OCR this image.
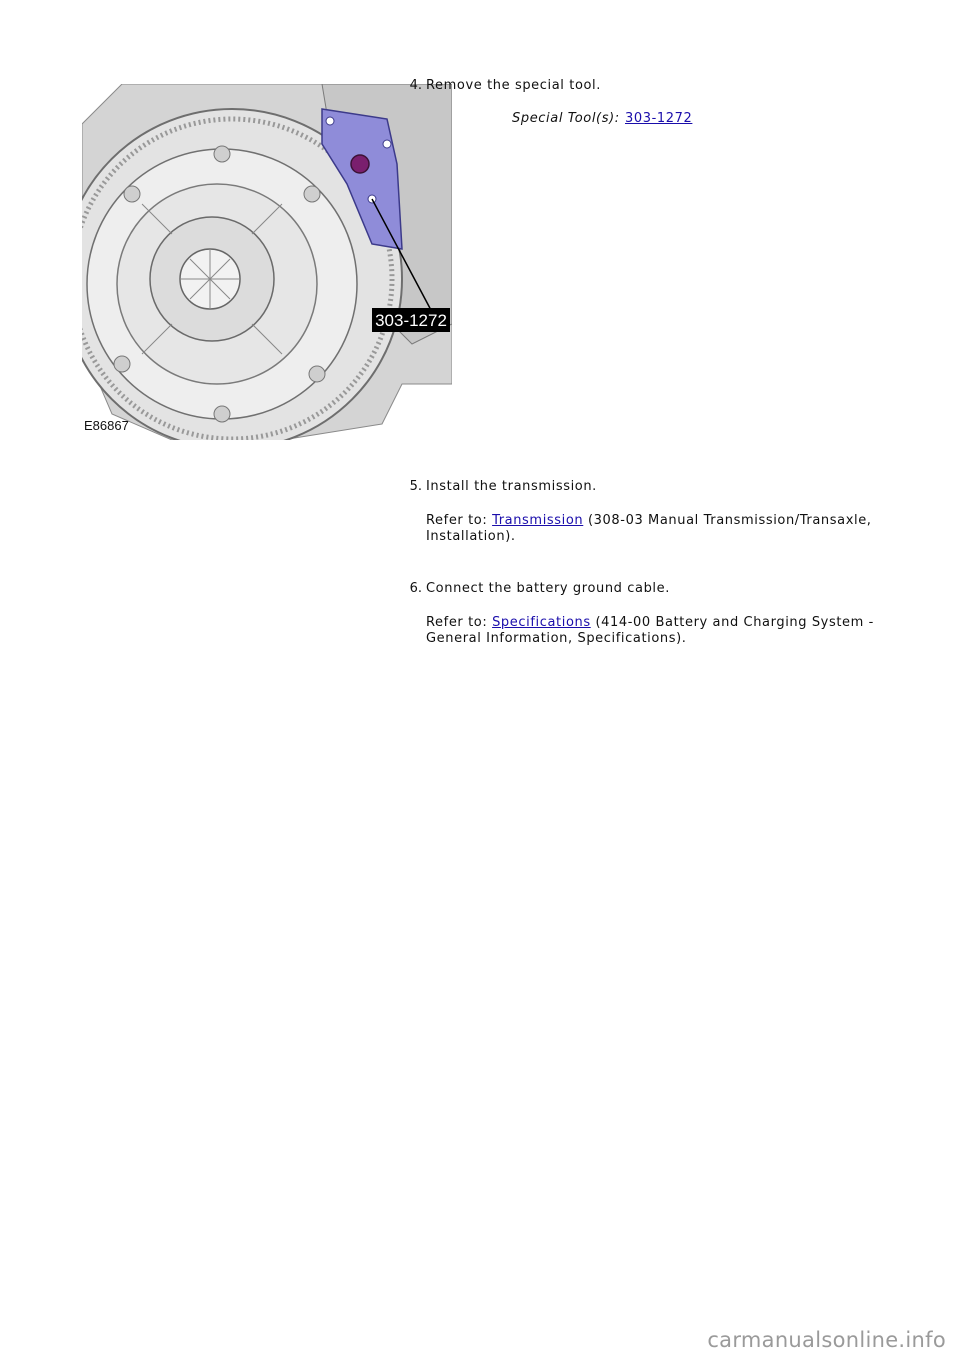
303-1272
E86867
4. Remove the special tool.
Special Tool(s): 303-1272
5. Install the transmission.
Refer to: Transmission (308-03 Manual Transmission/Transaxle,
Installation).
6. Connect the battery ground cable.
Refer to: Specifications (414-00 Battery and Charging System -
General Information, Specifications).
carmanualsonline.info
